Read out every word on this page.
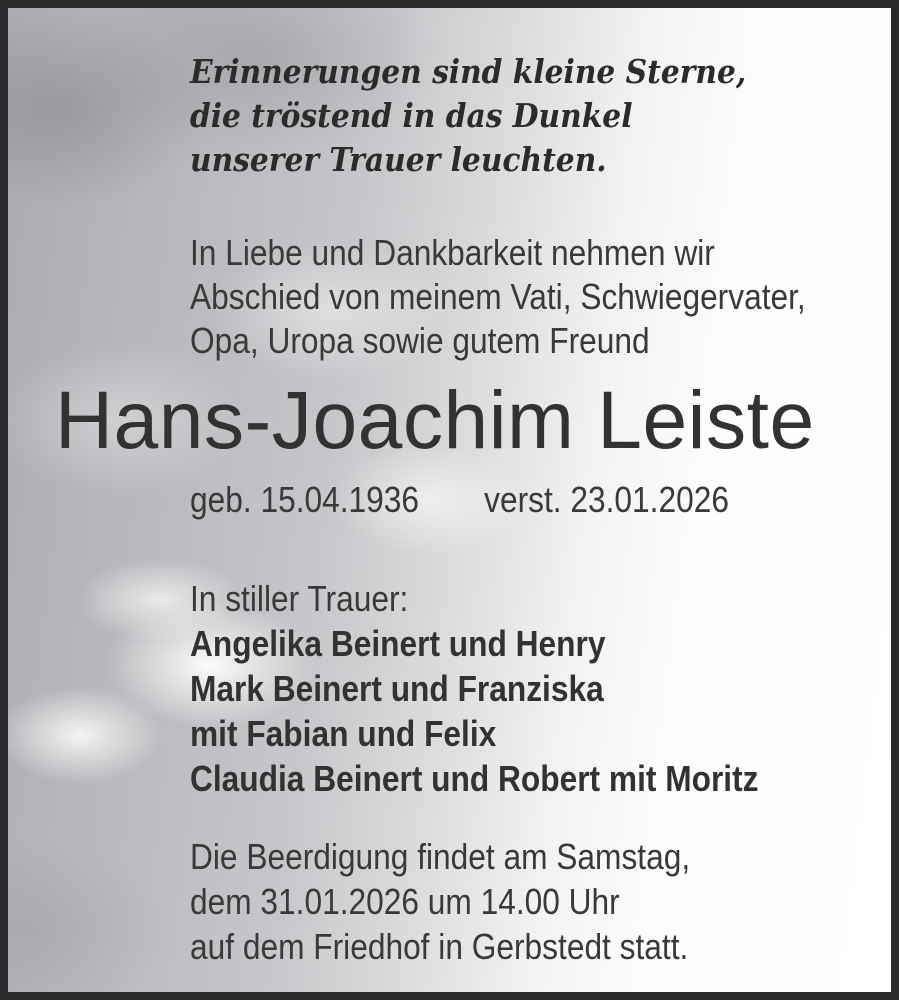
Erinnerungen sind kleine Sterne,
die tröstend in das Dunkel
unserer Trauer leuchten.
In Liebe und Dankbarkeit nehmen wir
Abschied von meinem Vati, Schwiegervater,
Opa, Uropa sowie gutem Freund
Hans-Joachim Leiste
geb. 15.04.1936 verst. 23.01.2026
In stiller Trauer:
Angelika Beinert und Henry
Mark Beinert und Franziska
mit Fabian und Felix
Claudia Beinert und Robert mit Moritz
Die Beerdigung findet am Samstag,
dem 31.01.2026 um 14.00 Uhr
auf dem Friedhof in Gerbstedt statt.
